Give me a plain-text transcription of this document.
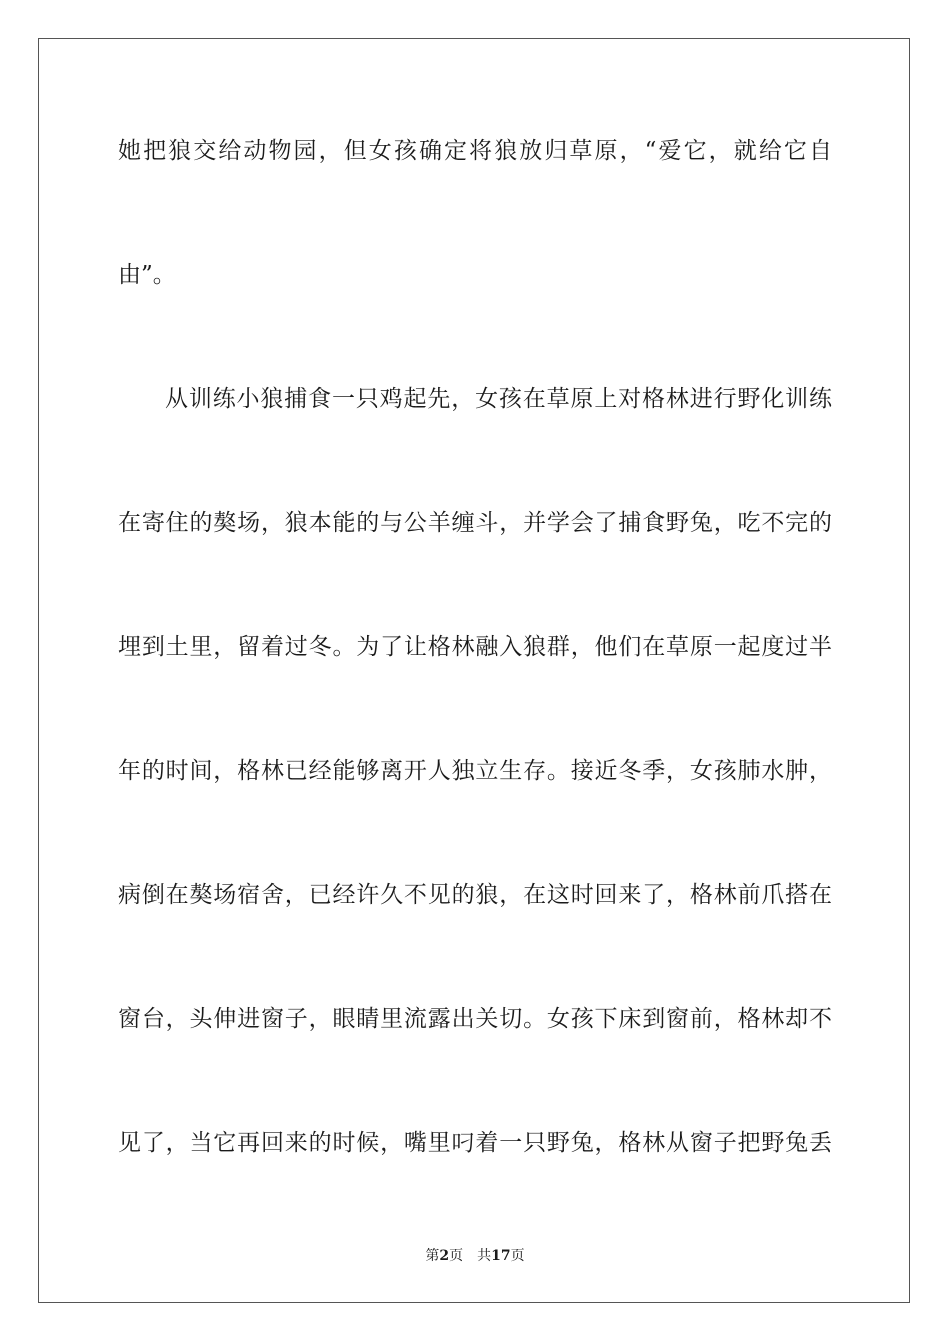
她把狼交给动物园，但女孩确定将狼放归草原，“爱它，就给它自
由”。
从训练小狼捕食一只鸡起先，女孩在草原上对格林进行野化训练
在寄住的獒场，狼本能的与公羊缠斗，并学会了捕食野兔，吃不完的
埋到土里，留着过冬。为了让格林融入狼群，他们在草原一起度过半
年的时间，格林已经能够离开人独立生存。接近冬季，女孩肺水肿，
病倒在獒场宿舍，已经许久不见的狼，在这时回来了，格林前爪搭在
窗台，头伸进窗子，眼睛里流露出关切。女孩下床到窗前，格林却不
见了，当它再回来的时候，嘴里叼着一只野兔，格林从窗子把野兔丢
第2页 共17页
